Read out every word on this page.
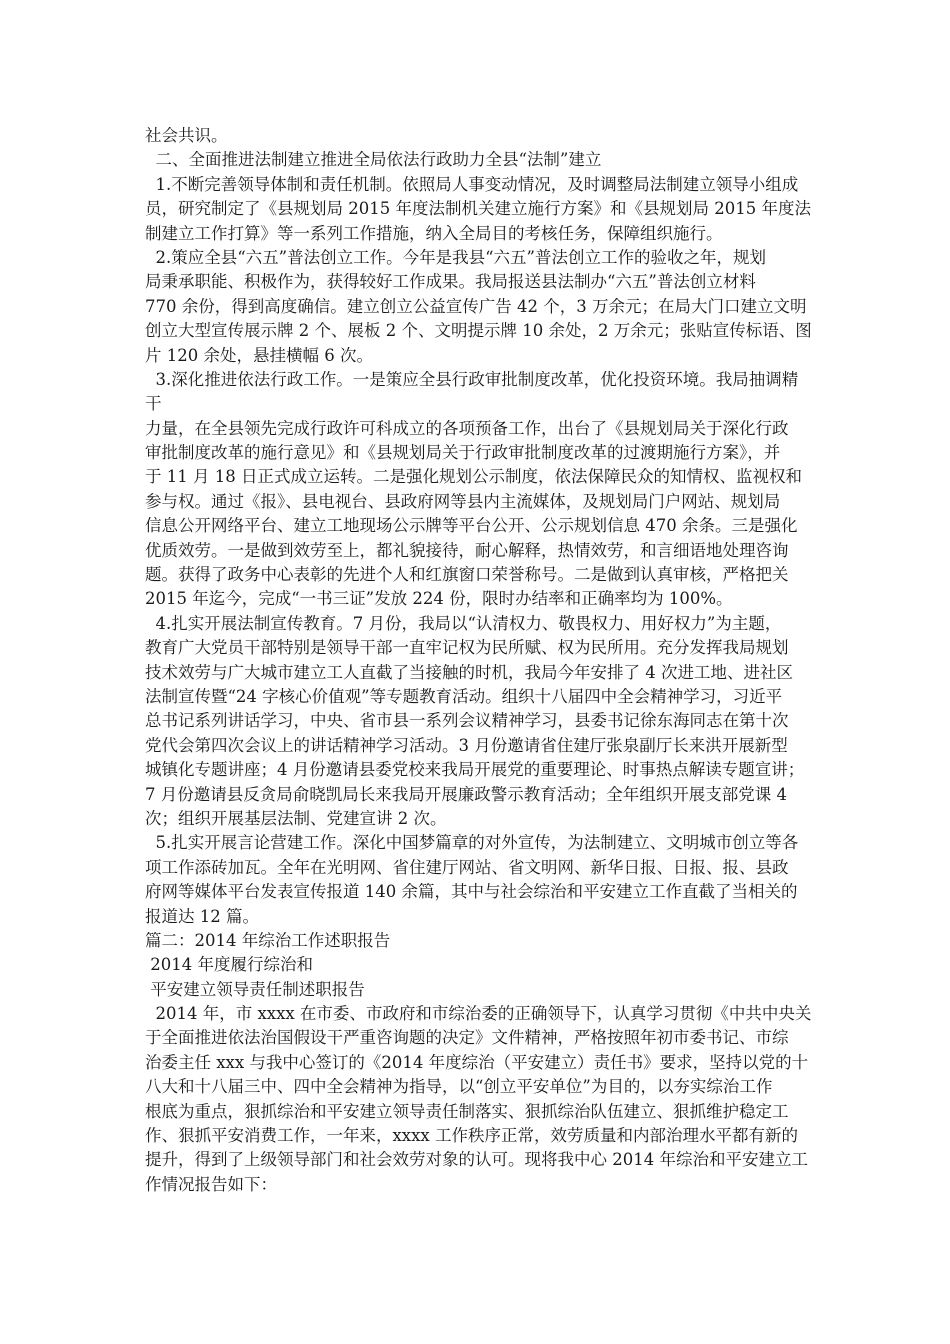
社会共识。
二、全面推进法制建立推进全局依法行政助力全县“法制”建立
1.不断完善领导体制和责任机制。依照局人事变动情况，及时调整局法制建立领导小组成
员，研究制定了《县规划局 2015 年度法制机关建立施行方案》和《县规划局 2015 年度法
制建立工作打算》等一系列工作措施，纳入全局目的考核任务，保障组织施行。
2.策应全县“六五”普法创立工作。今年是我县“六五”普法创立工作的验收之年，规划
局秉承职能、积极作为，获得较好工作成果。我局报送县法制办“六五”普法创立材料
770 余份，得到高度确信。建立创立公益宣传广告 42 个，3 万余元；在局大门口建立文明
创立大型宣传展示牌 2 个、展板 2 个、文明提示牌 10 余处，2 万余元；张贴宣传标语、图
片 120 余处，悬挂横幅 6 次。
3.深化推进依法行政工作。一是策应全县行政审批制度改革，优化投资环境。我局抽调精
干
力量，在全县领先完成行政许可科成立的各项预备工作，出台了《县规划局关于深化行政
审批制度改革的施行意见》和《县规划局关于行政审批制度改革的过渡期施行方案》，并
于 11 月 18 日正式成立运转。二是强化规划公示制度，依法保障民众的知情权、监视权和
参与权。通过《报》、县电视台、县政府网等县内主流媒体，及规划局门户网站、规划局
信息公开网络平台、建立工地现场公示牌等平台公开、公示规划信息 470 余条。三是强化
优质效劳。一是做到效劳至上，都礼貌接待，耐心解释，热情效劳，和言细语地处理咨询
题。获得了政务中心表彰的先进个人和红旗窗口荣誉称号。二是做到认真审核，严格把关
2015 年迄今，完成“一书三证”发放 224 份，限时办结率和正确率均为 100%。
4.扎实开展法制宣传教育。7 月份，我局以“认清权力、敬畏权力、用好权力”为主题，
教育广大党员干部特别是领导干部一直牢记权为民所赋、权为民所用。充分发挥我局规划
技术效劳与广大城市建立工人直截了当接触的时机，我局今年安排了 4 次进工地、进社区
法制宣传暨“24 字核心价值观”等专题教育活动。组织十八届四中全会精神学习，习近平
总书记系列讲话学习，中央、省市县一系列会议精神学习，县委书记徐东海同志在第十次
党代会第四次会议上的讲话精神学习活动。3 月份邀请省住建厅张泉副厅长来洪开展新型
城镇化专题讲座；4 月份邀请县委党校来我局开展党的重要理论、时事热点解读专题宣讲；
7 月份邀请县反贪局俞晓凯局长来我局开展廉政警示教育活动；全年组织开展支部党课 4
次；组织开展基层法制、党建宣讲 2 次。
5.扎实开展言论营建工作。深化中国梦篇章的对外宣传，为法制建立、文明城市创立等各
项工作添砖加瓦。全年在光明网、省住建厅网站、省文明网、新华日报、日报、报、县政
府网等媒体平台发表宣传报道 140 余篇，其中与社会综治和平安建立工作直截了当相关的
报道达 12 篇。
篇二：2014 年综治工作述职报告
2014 年度履行综治和
平安建立领导责任制述职报告
2014 年，市 xxxx 在市委、市政府和市综治委的正确领导下，认真学习贯彻《中共中央关
于全面推进依法治国假设干严重咨询题的决定》文件精神，严格按照年初市委书记、市综
治委主任 xxx 与我中心签订的《2014 年度综治（平安建立）责任书》要求，坚持以党的十
八大和十八届三中、四中全会精神为指导，以“创立平安单位”为目的，以夯实综治工作
根底为重点，狠抓综治和平安建立领导责任制落实、狠抓综治队伍建立、狠抓维护稳定工
作、狠抓平安消费工作，一年来，xxxx 工作秩序正常，效劳质量和内部治理水平都有新的
提升，得到了上级领导部门和社会效劳对象的认可。现将我中心 2014 年综治和平安建立工
作情况报告如下：
